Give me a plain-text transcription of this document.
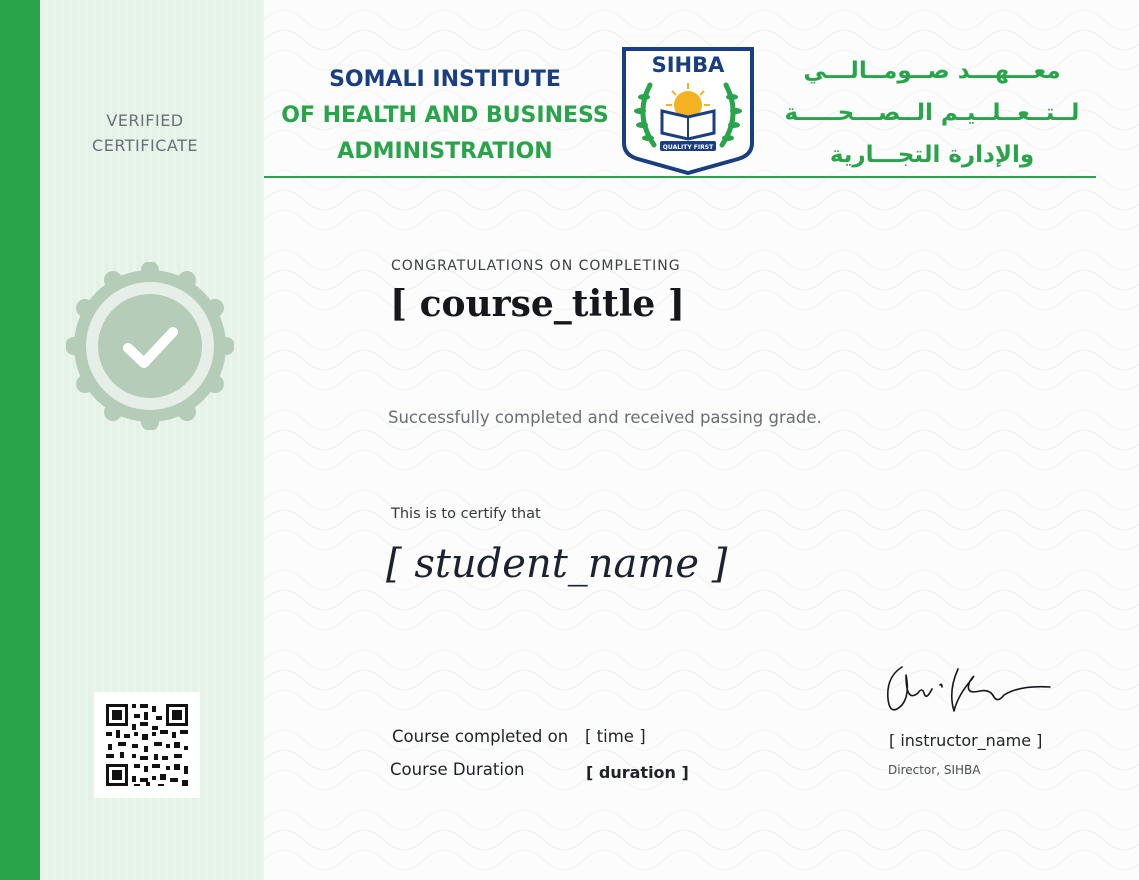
VERIFIED
CERTIFICATE
SOMALI INSTITUTE
OF HEALTH AND BUSINESS
ADMINISTRATION
SIHBA
QUALITY FIRST
معـــهـــد صــومــالـــي
لــتــعــلــيـم الــصـــحـــــة
والإدارة التجـــارية
CONGRATULATIONS ON COMPLETING
[ course_title ]
Successfully completed and received passing grade.
This is to certify that
[ student_name ]
Course completed on [ time ]
Course Duration	[ duration ]
[ instructor_name ]
Director, SIHBA
